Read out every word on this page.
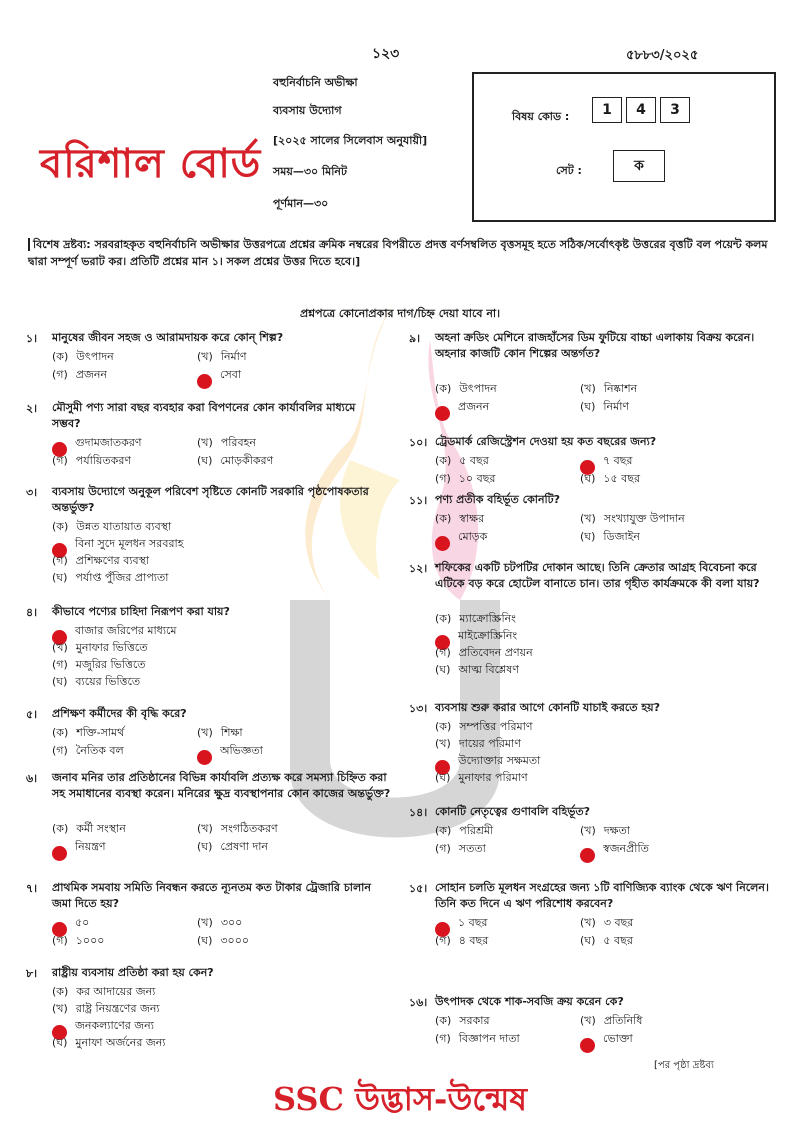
১২৩	৫৮৮৩/২০২৫
বহুনির্বাচনি অভীক্ষা
ব্যবসায় উদ্যোগ
[২০২৫ সালের সিলেবাস অনুযায়ী]
সময়—৩০ মিনিট
পূর্ণমান—৩০
বরিশাল বোর্ড
বিষয় কোড :	1	4	3
সেট :	ক
বিশেষ দ্রষ্টব্য: সরবরাহকৃত বহুনির্বাচনি অভীক্ষার উত্তরপত্রে প্রশ্নের ক্রমিক নম্বরের বিপরীতে প্রদত্ত বর্ণসম্বলিত বৃত্তসমূহ হতে সঠিক/সর্বোৎকৃষ্ট উত্তরের বৃত্তটি বল পয়েন্ট কলম দ্বারা সম্পূর্ণ ভরাট কর। প্রতিটি প্রশ্নের মান ১। সকল প্রশ্নের উত্তর দিতে হবে।]
প্রশ্নপত্রে কোনোপ্রকার দাগ/চিহ্ন দেয়া যাবে না।
১। মানুষের জীবন সহজ ও আরামদায়ক করে কোন্ শিল্প?
(ক) উৎপাদন	(খ) নির্মাণ
(গ) প্রজনন	সেবা
২। মৌসুমী পণ্য সারা বছর ব্যবহার করা বিপণনের কোন কার্যাবলির মাধ্যমে সম্ভব?
গুদামজাতকরণ	(খ) পরিবহন
(গ) পর্যায়িতকরণ	(ঘ) মোড়কীকরণ
৩। ব্যবসায় উদ্যোগে অনুকূল পরিবেশ সৃষ্টিতে কোনটি সরকারি পৃষ্ঠপোষকতার অন্তর্ভুক্ত?
(ক) উন্নত যাতায়াত ব্যবস্থা
বিনা সুদে মূলধন সরবরাহ
(গ) প্রশিক্ষণের ব্যবস্থা
(ঘ) পর্যাপ্ত পুঁজির প্রাপ্যতা
৪। কীভাবে পণ্যের চাহিদা নিরূপণ করা যায়?
বাজার জরিপের মাধ্যমে
(খ) মুনাফার ভিত্তিতে
(গ) মজুরির ভিত্তিতে
(ঘ) ব্যয়ের ভিত্তিতে
৫। প্রশিক্ষণ কর্মীদের কী বৃদ্ধি করে?
(ক) শক্তি-সামর্থ	(খ) শিক্ষা
(গ) নৈতিক বল	অভিজ্ঞতা
৬। জনাব মনির তার প্রতিষ্ঠানের বিভিন্ন কার্যাবলি প্রত্যক্ষ করে সমস্যা চিহ্নিত করা সহ সমাধানের ব্যবস্থা করেন। মনিরের ক্ষুদ্র ব্যবস্থাপনার কোন কাজের অন্তর্ভুক্ত?
(ক) কর্মী সংস্থান	(খ) সংগঠিতকরণ
নিয়ন্ত্রণ	(ঘ) প্রেষণা দান
৭। প্রাথমিক সমবায় সমিতি নিবন্ধন করতে ন্যূনতম কত টাকার ট্রেজারি চালান জমা দিতে হয়?
৫০	(খ) ৩০০
(গ) ১০০০	(ঘ) ৩০০০
৮। রাষ্ট্রীয় ব্যবসায় প্রতিষ্ঠা করা হয় কেন?
(ক) কর আদায়ের জন্য
(খ) রাষ্ট্র নিয়ন্ত্রণের জন্য
জনকল্যাণের জন্য
(ঘ) মুনাফা অর্জনের জন্য
৯। অহনা ক্রডিং মেশিনে রাজহাঁসের ডিম ফুটিয়ে বাচ্চা এলাকায় বিক্রয় করেন। অহনার কাজটি কোন শিল্পের অন্তর্গত?
(ক) উৎপাদন	(খ) নিষ্কাশন
প্রজনন	(ঘ) নির্মাণ
১০। ট্রেডমার্ক রেজিস্ট্রেশন দেওয়া হয় কত বছরের জন্য?
(ক) ৫ বছর	৭ বছর
(গ) ১০ বছর	(ঘ) ১৫ বছর
১১। পণ্য প্রতীক বহির্ভূত কোনটি?
(ক) স্বাক্ষর	(খ) সংখ্যাযুক্ত উপাদান
মোড়ক	(ঘ) ডিজাইন
১২। শফিকের একটি চটপটির দোকান আছে। তিনি ক্রেতার আগ্রহ বিবেচনা করে এটিকে বড় করে হোটেল বানাতে চান। তার গৃহীত কার্যক্রমকে কী বলা যায়?
(ক) ম্যাক্রোস্ক্রিনিং
মাইক্রোস্ক্রিনিং
(গ) প্রতিবেদন প্রণয়ন
(ঘ) আত্ম বিশ্লেষণ
১৩। ব্যবসায় শুরু করার আগে কোনটি যাচাই করতে হয়?
(ক) সম্পত্তির পরিমাণ
(খ) দায়ের পরিমাণ
উদ্যোক্তার সক্ষমতা
(ঘ) মুনাফার পরিমাণ
১৪। কোনটি নেতৃত্বের গুণাবলি বহির্ভূত?
(ক) পরিশ্রমী	(খ) দক্ষতা
(গ) সততা	স্বজনপ্রীতি
১৫। সোহান চলতি মূলধন সংগ্রহের জন্য ১টি বাণিজ্যিক ব্যাংক থেকে ঋণ নিলেন। তিনি কত দিনে এ ঋণ পরিশোধ করবেন?
১ বছর	(খ) ৩ বছর
(গ) ৪ বছর	(ঘ) ৫ বছর
১৬। উৎপাদক থেকে শাক-সবজি ক্রয় করেন কে?
(ক) সরকার	(খ) প্রতিনিধি
(গ) বিজ্ঞাপন দাতা	ভোক্তা
[পর পৃষ্ঠা দ্রষ্টব্য
SSC উদ্ভাস-উন্মেষ
